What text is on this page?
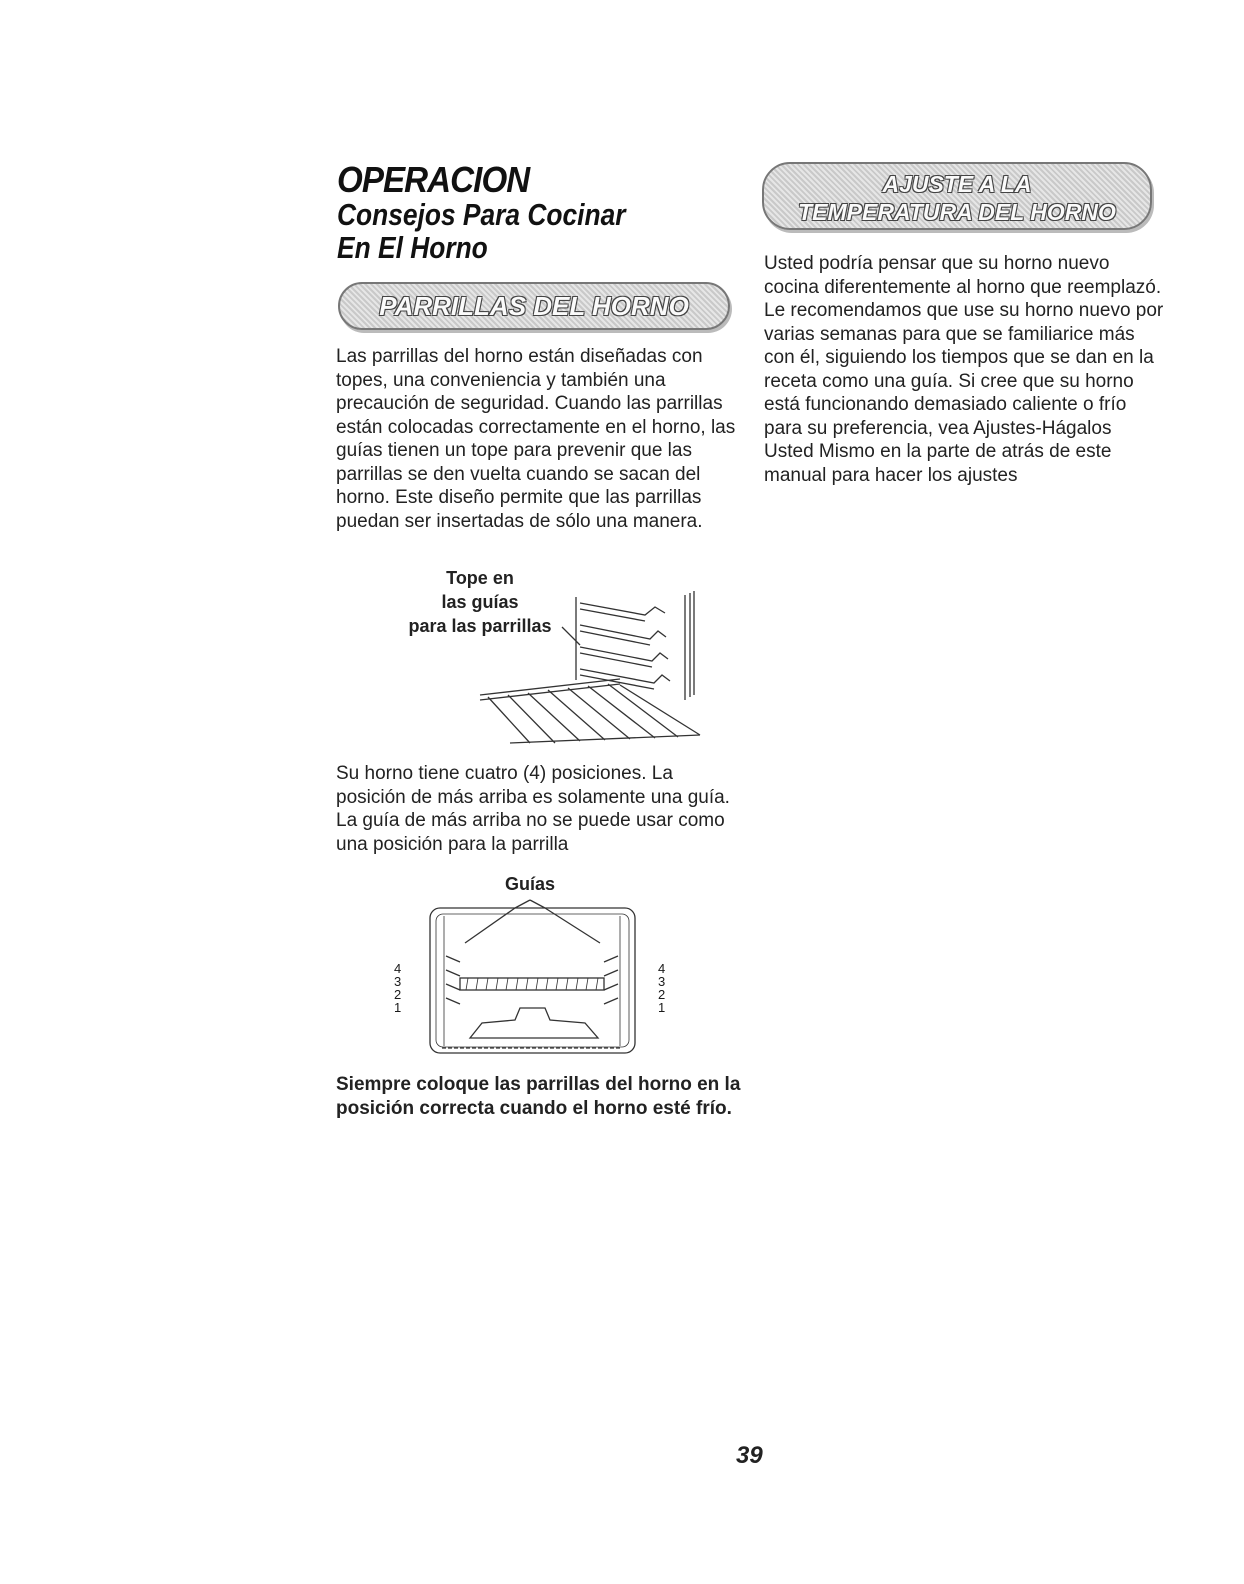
OPERACION
Consejos Para Cocinar
En El Horno
PARRILLAS DEL HORNO
Las parrillas del horno están diseñadas con topes, una conveniencia y también una precaución de seguridad. Cuando las parrillas están colocadas correctamente en el horno, las guías tienen un tope para prevenir que las parrillas se den vuelta cuando se sacan del horno. Este diseño permite que las parrillas puedan ser insertadas de sólo una manera.
Tope en
las guías
para las parrillas
Su horno tiene cuatro (4) posiciones. La posición de más arriba es solamente una guía. La guía de más arriba no se puede usar como una posición para la parrilla
Guías
4
3
2
1
4
3
2
1
Siempre coloque las parrillas del horno en la posición correcta cuando el horno esté frío.
AJUSTE A LA
TEMPERATURA DEL HORNO
Usted podría pensar que su horno nuevo cocina diferentemente al horno que reemplazó. Le recomendamos que use su horno nuevo por varias semanas para que se familiarice más con él, siguiendo los tiempos que se dan en la receta como una guía. Si cree que su horno está funcionando demasiado caliente o frío para su preferencia, vea Ajustes-Hágalos Usted Mismo en la parte de atrás de este manual para hacer los ajustes
39
